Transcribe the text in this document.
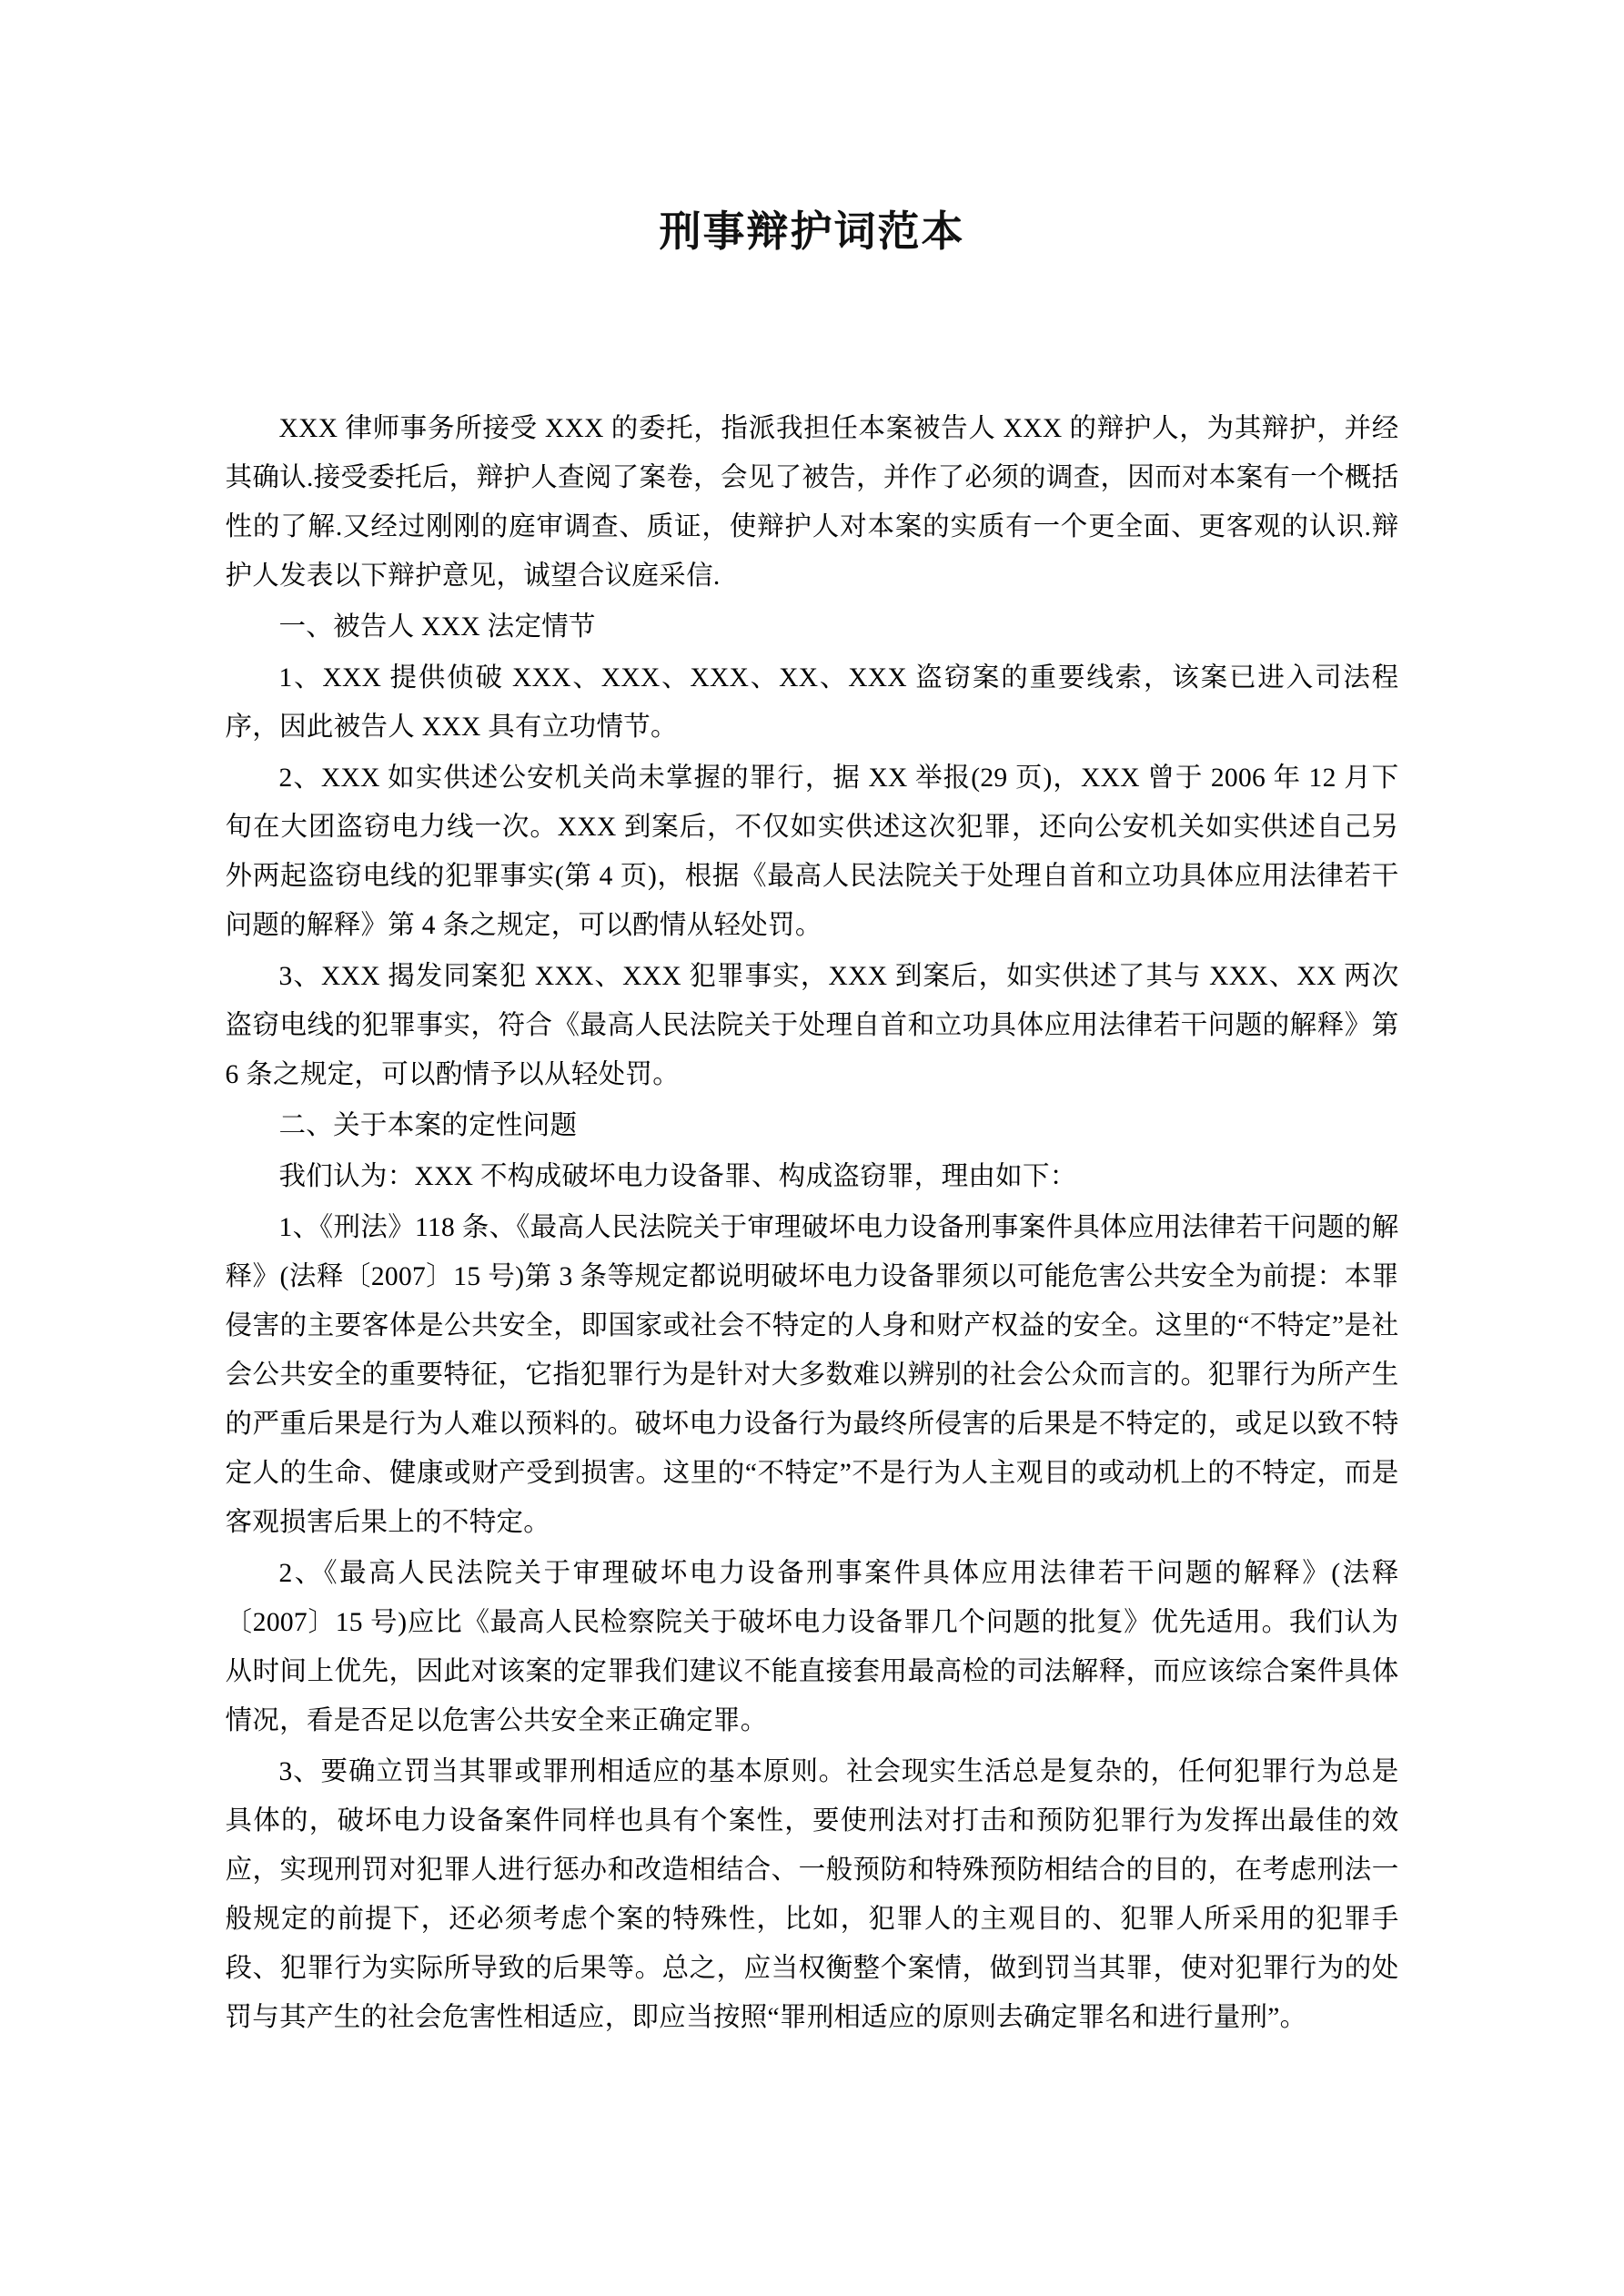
刑事辩护词范本

XXX 律师事务所接受 XXX 的委托，指派我担任本案被告人 XXX 的辩护人，为其辩护，并经其确认.接受委托后，辩护人查阅了案卷，会见了被告，并作了必须的调查，因而对本案有一个概括性的了解.又经过刚刚的庭审调查、质证，使辩护人对本案的实质有一个更全面、更客观的认识.辩护人发表以下辩护意见，诚望合议庭采信.

一、被告人 XXX 法定情节

1、XXX 提供侦破 XXX、XXX、XXX、XX、XXX 盗窃案的重要线索，该案已进入司法程序，因此被告人 XXX 具有立功情节。

2、XXX 如实供述公安机关尚未掌握的罪行，据 XX 举报(29 页)，XXX 曾于 2006 年 12 月下旬在大团盗窃电力线一次。XXX 到案后，不仅如实供述这次犯罪，还向公安机关如实供述自己另外两起盗窃电线的犯罪事实(第 4 页)，根据《最高人民法院关于处理自首和立功具体应用法律若干问题的解释》第 4 条之规定，可以酌情从轻处罚。

3、XXX 揭发同案犯 XXX、XXX 犯罪事实，XXX 到案后，如实供述了其与 XXX、XX 两次盗窃电线的犯罪事实，符合《最高人民法院关于处理自首和立功具体应用法律若干问题的解释》第 6 条之规定，可以酌情予以从轻处罚。

二、关于本案的定性问题

我们认为：XXX 不构成破坏电力设备罪、构成盗窃罪，理由如下：

1、《刑法》118 条、《最高人民法院关于审理破坏电力设备刑事案件具体应用法律若干问题的解释》(法释〔2007〕15 号)第 3 条等规定都说明破坏电力设备罪须以可能危害公共安全为前提：本罪侵害的主要客体是公共安全，即国家或社会不特定的人身和财产权益的安全。这里的“不特定”是社会公共安全的重要特征，它指犯罪行为是针对大多数难以辨别的社会公众而言的。犯罪行为所产生的严重后果是行为人难以预料的。破坏电力设备行为最终所侵害的后果是不特定的，或足以致不特定人的生命、健康或财产受到损害。这里的“不特定”不是行为人主观目的或动机上的不特定，而是客观损害后果上的不特定。

2、《最高人民法院关于审理破坏电力设备刑事案件具体应用法律若干问题的解释》(法释〔2007〕15 号)应比《最高人民检察院关于破坏电力设备罪几个问题的批复》优先适用。我们认为从时间上优先，因此对该案的定罪我们建议不能直接套用最高检的司法解释，而应该综合案件具体情况，看是否足以危害公共安全来正确定罪。

3、要确立罚当其罪或罪刑相适应的基本原则。社会现实生活总是复杂的，任何犯罪行为总是具体的，破坏电力设备案件同样也具有个案性，要使刑法对打击和预防犯罪行为发挥出最佳的效应，实现刑罚对犯罪人进行惩办和改造相结合、一般预防和特殊预防相结合的目的，在考虑刑法一般规定的前提下，还必须考虑个案的特殊性，比如，犯罪人的主观目的、犯罪人所采用的犯罪手段、犯罪行为实际所导致的后果等。总之，应当权衡整个案情，做到罚当其罪，使对犯罪行为的处罚与其产生的社会危害性相适应，即应当按照“罪刑相适应的原则去确定罪名和进行量刑”。
